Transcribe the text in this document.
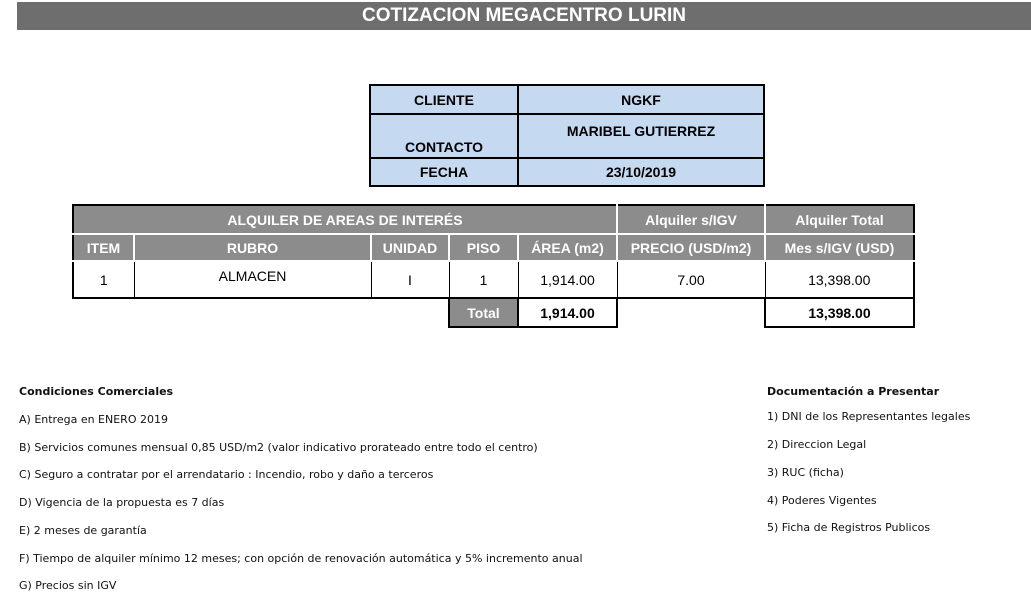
COTIZACION MEGACENTRO LURIN
CLIENTE	NGKF
CONTACTO	MARIBEL GUTIERREZ
FECHA	23/10/2019
ALQUILER DE AREAS DE INTERÉS					Alquiler s/IGV	Alquiler Total
ITEM	RUBRO	UNIDAD	PISO	ÁREA (m2)	PRECIO (USD/m2)	Mes s/IGV (USD)
1	ALMACEN	I	1	1,914.00	7.00	13,398.00
			Total	1,914.00		13,398.00
Condiciones Comerciales
A) Entrega en ENERO 2019
B) Servicios comunes mensual 0,85 USD/m2 (valor indicativo prorateado entre todo el centro)
C) Seguro a contratar por el arrendatario : Incendio, robo y daño a terceros
D) Vigencia de la propuesta es 7 días
E) 2 meses de garantía
F) Tiempo de alquiler mínimo 12 meses; con opción de renovación automática y 5% incremento anual
G) Precios sin IGV
Documentación a Presentar
1) DNI de los Representantes legales
2) Direccion Legal
3) RUC (ficha)
4) Poderes Vigentes
5) Ficha de Registros Publicos
